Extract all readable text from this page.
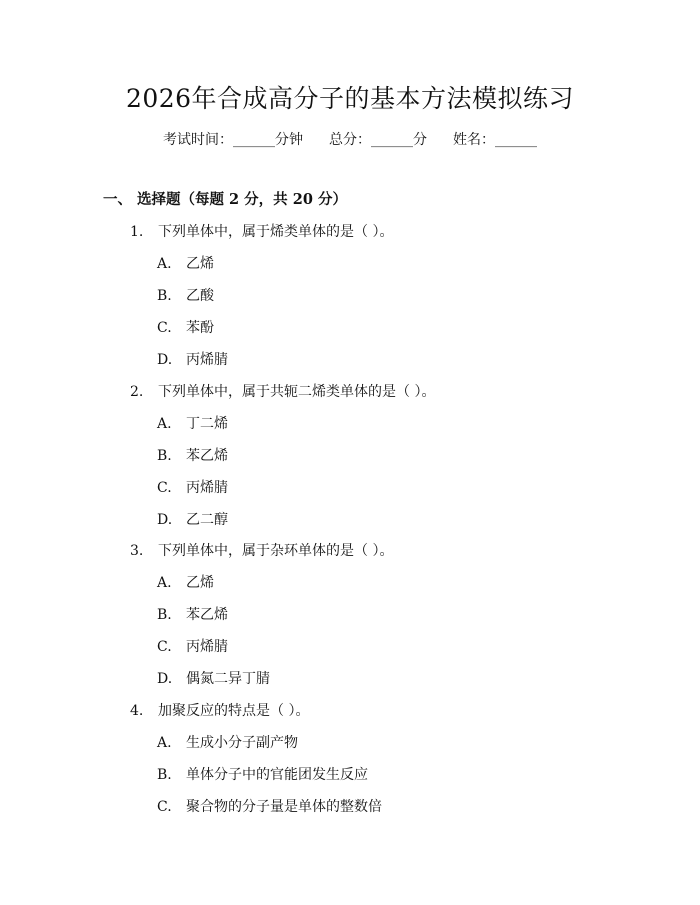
2026年合成高分子的基本方法模拟练习
考试时间：______分钟 总分：______分 姓名：______
一、 选择题（每题 2 分，共 20 分）
1. 下列单体中，属于烯类单体的是（ ）。
A. 乙烯
B. 乙酸
C. 苯酚
D. 丙烯腈
2. 下列单体中，属于共轭二烯类单体的是（ ）。
A. 丁二烯
B. 苯乙烯
C. 丙烯腈
D. 乙二醇
3. 下列单体中，属于杂环单体的是（ ）。
A. 乙烯
B. 苯乙烯
C. 丙烯腈
D. 偶氮二异丁腈
4. 加聚反应的特点是（ ）。
A. 生成小分子副产物
B. 单体分子中的官能团发生反应
C. 聚合物的分子量是单体的整数倍
